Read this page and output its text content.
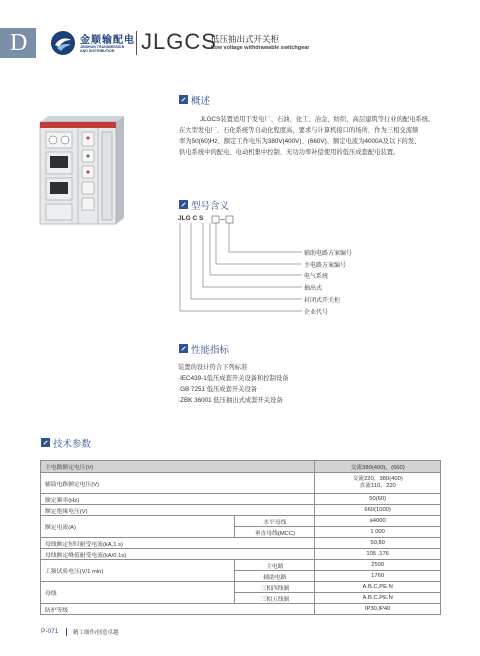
D	金顺输配电
JINSHUN TRANSMISSION
AND DISTRIBUTION JLGCS
低压抽出式开关柜
Low voltage withdrawable switchgear
概述
JLGCS装置适用于发电厂、石油、化工、冶金、纺织、高层建筑等行业的配电系统。
在大型发电厂、石化系统等自动化程度高，要求与计算机接口的场所，作为三相交流频
率为50(60)Hz、额定工作电压为380V(400V)、(660V)、额定电流为4000A及以下的发、
供电系统中的配电、电动机集中控制、无功功率补偿使用的低压成套配电装置。
型号含义
JLG C S
辅助电路方案编号
主电路方案编号
电气系统
抽出式
封闭式开关柜
企业代号
性能指标
装置的设计符合下列标准
·IEC439-1低压成套开关设备和控制设备
·GB 7251 低压成套开关设备
·ZBK 36001 低压抽出式成套开关设备
技术参数
主电路额定电压(V)		交流380(400)，(660)
辅助电路额定电压(V)		交流220，380(400)
直流110，220

额定频率(Hz)		50(60)
额定绝缘电压(V)		660(1000)
额定电流(A)	水平母线	≤4000
	垂直母线(MCC)	1 000
母线额定短时耐受电流(kA,1 s)		50,80
母线额定峰值耐受电流(kA/0.1s)		105 ,176
工频试验电压(V/1 min)	主电路	2500
	辅助电路	1760
母线	三相四线制	A.B.C.PE.N
	三相五线制	A.B.C.PE.N
防护等级		IP30,IP40
P-071	精工细作/创造卓越
